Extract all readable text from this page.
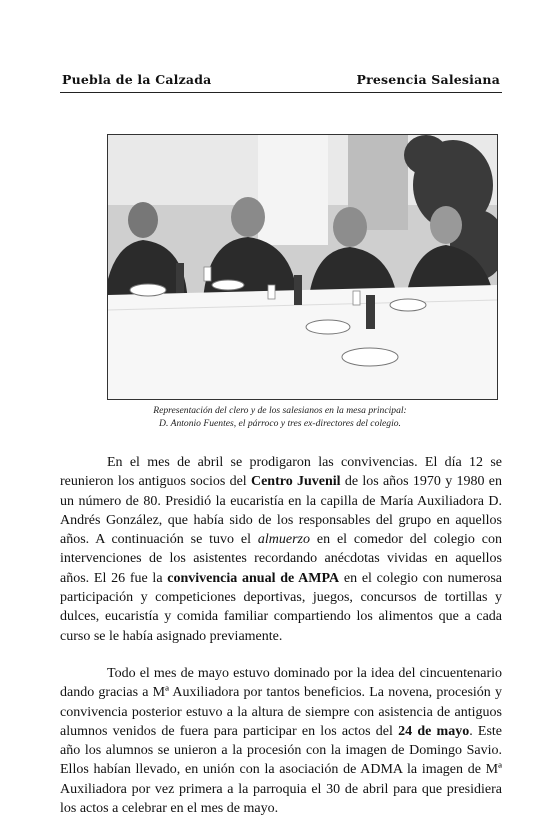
Puebla de la Calzada	Presencia Salesiana
Representación del clero y de los salesianos en la mesa principal:
D. Antonio Fuentes, el párroco y tres ex-directores del colegio.

En el mes de abril se prodigaron las convivencias. El día 12 se reunieron los antiguos socios del Centro Juvenil de los años 1970 y 1980 en un número de 80. Presidió la eucaristía en la capilla de María Auxiliadora D. Andrés González, que había sido de los responsables del grupo en aquellos años. A continuación se tuvo el almuerzo en el comedor del colegio con intervenciones de los asistentes recordando anécdotas vividas en aquellos años. El 26 fue la convivencia anual de AMPA en el colegio con numerosa participación y competiciones deportivas, juegos, concursos de tortillas y dulces, eucaristía y comida familiar compartiendo los alimentos que a cada curso se le había asignado previamente.

Todo el mes de mayo estuvo dominado por la idea del cincuentenario dando gracias a Mª Auxiliadora por tantos beneficios. La novena, procesión y convivencia posterior estuvo a la altura de siempre con asistencia de antiguos alumnos venidos de fuera para participar en los actos del 24 de mayo. Este año los alumnos se unieron a la procesión con la imagen de Domingo Savio. Ellos habían llevado, en unión con la asociación de ADMA la imagen de Mª Auxiliadora por vez primera a la parroquia el 30 de abril para que presidiera los actos a celebrar en el mes de mayo.
